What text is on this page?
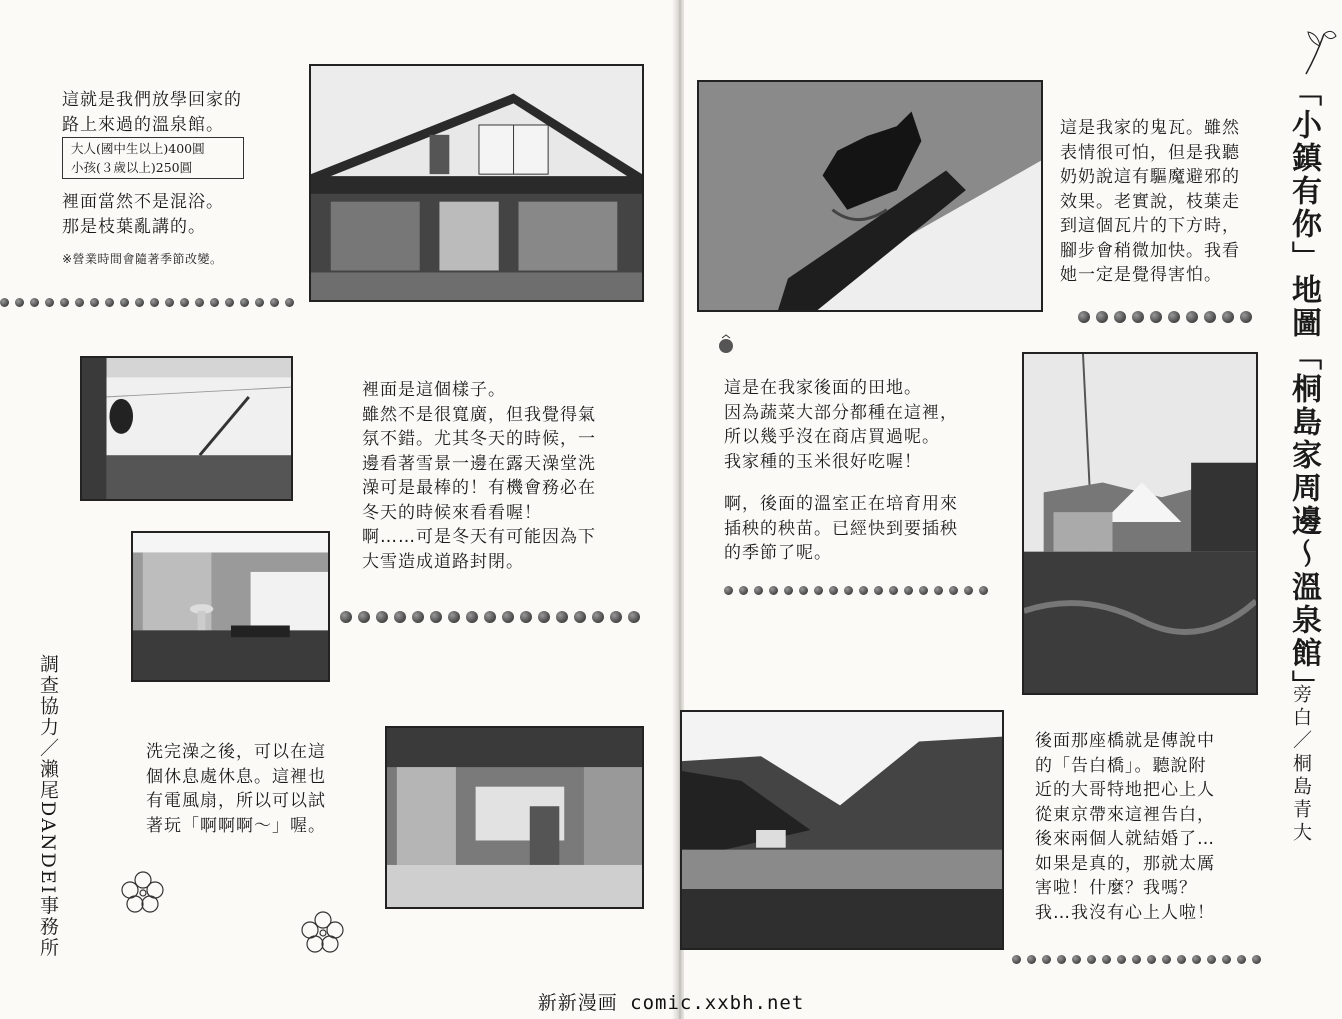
這就是我們放學回家的
路上來過的溫泉館。
大人(國中生以上)400圓
小孩(３歲以上)250圓
裡面當然不是混浴。
那是枝葉亂講的。
※營業時間會隨著季節改變。
裡面是這個樣子。
雖然不是很寬廣，但我覺得氣
氛不錯。尤其冬天的時候，一
邊看著雪景一邊在露天澡堂洗
澡可是最棒的！有機會務必在
冬天的時候來看看喔！
啊……可是冬天有可能因為下
大雪造成道路封閉。
洗完澡之後，可以在這
個休息處休息。這裡也
有電風扇，所以可以試
著玩「啊啊啊～」喔。
調查協力／瀨尾DANDEI事務所
這是我家的鬼瓦。雖然
表情很可怕，但是我聽
奶奶說這有驅魔避邪的
效果。老實說，枝葉走
到這個瓦片的下方時，
腳步會稍微加快。我看
她一定是覺得害怕。
這是在我家後面的田地。
因為蔬菜大部分都種在這裡，
所以幾乎沒在商店買過呢。
我家種的玉米很好吃喔！
啊，後面的溫室正在培育用來
插秧的秧苗。已經快到要插秧
的季節了呢。
後面那座橋就是傳說中
的「告白橋」。聽說附
近的大哥特地把心上人
從東京帶來這裡告白，
後來兩個人就結婚了…
如果是真的，那就太厲
害啦！什麼？我嗎？
我…我沒有心上人啦！
「小鎮有你」地圖「桐島家周邊～溫泉館」
旁白／桐島青大
新新漫画 comic.xxbh.net
